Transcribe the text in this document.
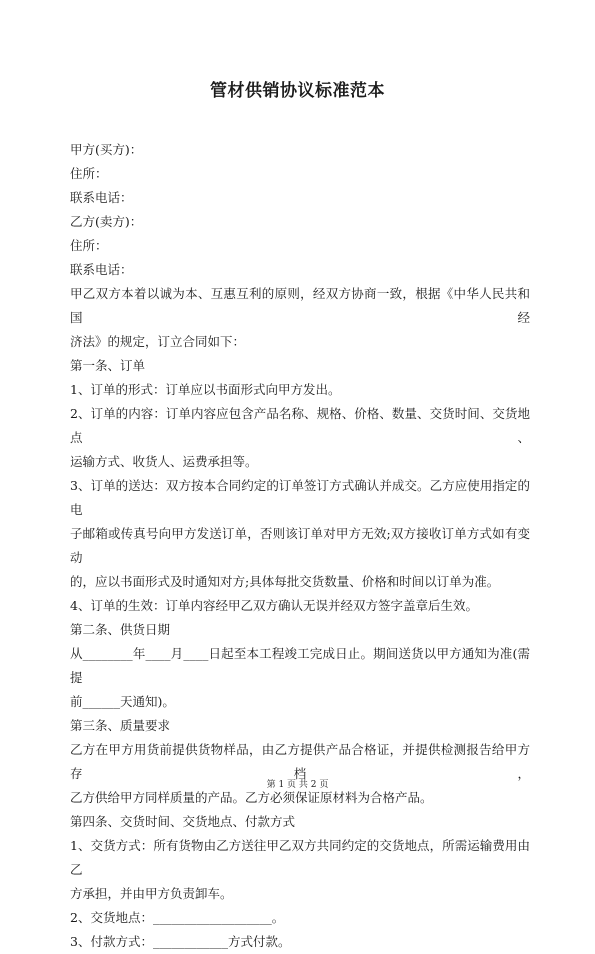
管材供销协议标准范本

甲方(买方)：

住所：

联系电话：

乙方(卖方)：

住所：

联系电话：

甲乙双方本着以诚为本、互惠互利的原则，经双方协商一致，根据《中华人民共和国经

济法》的规定，订立合同如下：

第一条、订单

1、订单的形式：订单应以书面形式向甲方发出。

2、订单的内容：订单内容应包含产品名称、规格、价格、数量、交货时间、交货地点、

运输方式、收货人、运费承担等。

3、订单的送达：双方按本合同约定的订单签订方式确认并成交。乙方应使用指定的电

子邮箱或传真号向甲方发送订单，否则该订单对甲方无效;双方接收订单方式如有变动

的，应以书面形式及时通知对方;具体每批交货数量、价格和时间以订单为准。

4、订单的生效：订单内容经甲乙双方确认无误并经双方签字盖章后生效。

第二条、供货日期

从________年____月____日起至本工程竣工完成日止。期间送货以甲方通知为准(需提

前______天通知)。

第三条、质量要求

乙方在甲方用货前提供货物样品，由乙方提供产品合格证，并提供检测报告给甲方存档，

乙方供给甲方同样质量的产品。乙方必须保证原材料为合格产品。

第四条、交货时间、交货地点、付款方式

1、交货方式：所有货物由乙方送往甲乙双方共同约定的交货地点，所需运输费用由乙

方承担，并由甲方负责卸车。

2、交货地点：___________________。

3、付款方式：____________方式付款。

第 1 页 共 2 页
